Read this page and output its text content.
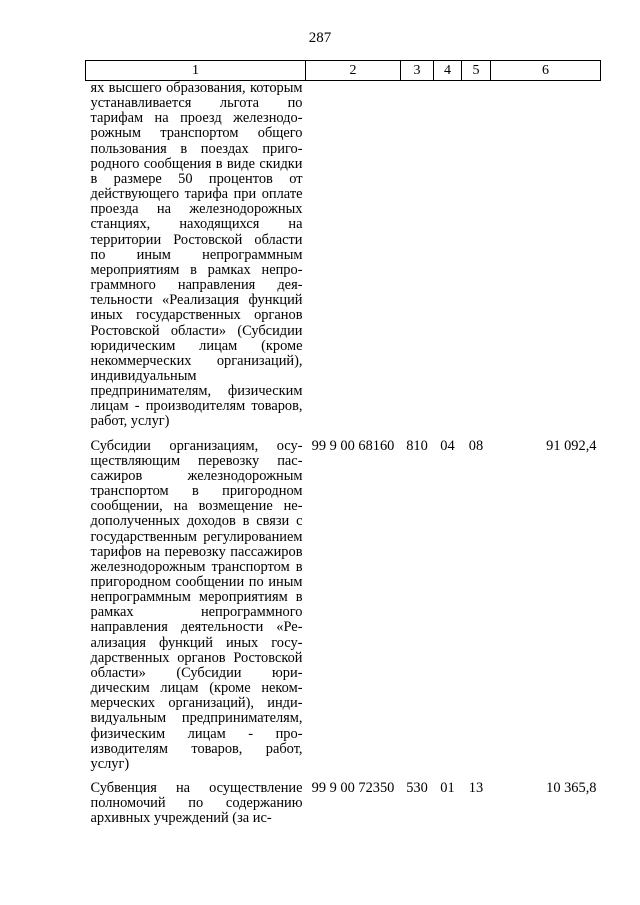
287
1	2	3	4	5	6
ях высшего образования, которым устанавливается льгота по тарифам на проезд железнодорожным транспортом общего пользования в поездах пригородного сообщения в виде скидки в размере 50 процентов от действующего тарифа при оплате проезда на железнодорожных станциях, находящихся на территории Ростовской области по иным непрограммным мероприятиям в рамках непрограммного направления деятельности «Реализация функций иных государственных органов Ростовской области» (Субсидии юридическим лицам (кроме некоммерческих организаций), индивидуальным предпринимателям, физическим лицам - производителям товаров, работ, услуг)					
Субсидии организациям, осуществляющим перевозку пассажиров железнодорожным транспортом в пригородном сообщении, на возмещение недополученных доходов в связи с государственным регулированием тарифов на перевозку пассажиров железнодорожным транспортом в пригородном сообщении по иным непрограммным мероприятиям в рамках непрограммного направления деятельности «Реализация функций иных государственных органов Ростовской области» (Субсидии юридическим лицам (кроме некоммерческих организаций), индивидуальным предпринимателям, физическим лицам - производителям товаров, работ, услуг)	99 9 00 68160	810	04	08	91 092,4
Субвенция на осуществление полномочий по содержанию архивных учреждений (за ис-	99 9 00 72350	530	01	13	10 365,8
